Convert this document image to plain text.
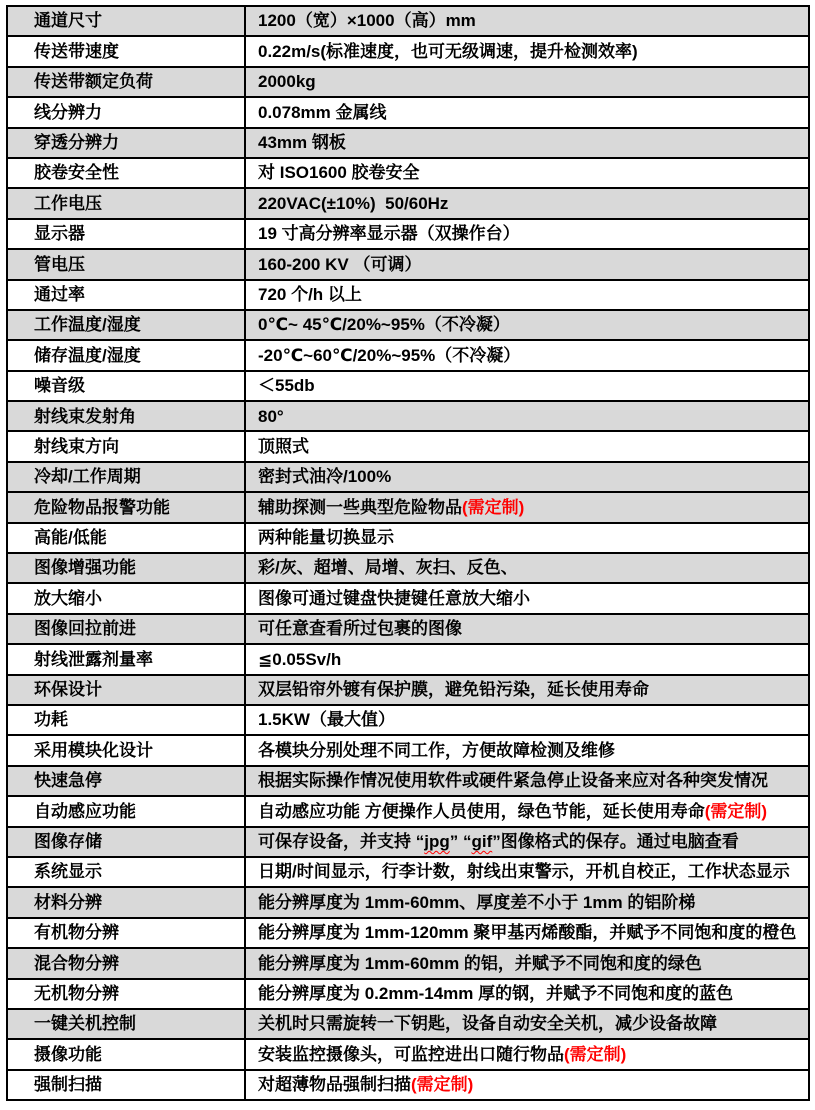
通道尺寸	1200（宽）×1000（高）mm
传送带速度	0.22m/s(标准速度，也可无级调速，提升检测效率)
传送带额定负荷	2000kg
线分辨力	0.078mm 金属线
穿透分辨力	43mm 钢板
胶卷安全性	对 ISO1600 胶卷安全
工作电压	220VAC(±10%)  50/60Hz
显示器	19 寸高分辨率显示器（双操作台）
管电压	160-200 KV （可调）
通过率	720 个/h 以上
工作温度/湿度	0℃~ 45℃/20%~95%（不冷凝）
储存温度/湿度	-20℃~60℃/20%~95%（不冷凝）
噪音级	＜55db
射线束发射角	80°
射线束方向	顶照式
冷却/工作周期	密封式油冷/100%
危险物品报警功能	辅助探测一些典型危险物品(需定制)
高能/低能	两种能量切换显示
图像增强功能	彩/灰、超增、局增、灰扫、反色、
放大缩小	图像可通过键盘快捷键任意放大缩小
图像回拉前进	可任意查看所过包裹的图像
射线泄露剂量率	≦0.05Sv/h
环保设计	双层铅帘外镀有保护膜，避免铅污染，延长使用寿命
功耗	1.5KW（最大值）
采用模块化设计	各模块分别处理不同工作，方便故障检测及维修
快速急停	根据实际操作情况使用软件或硬件紧急停止设备来应对各种突发情况
自动感应功能	自动感应功能 方便操作人员使用，绿色节能，延长使用寿命(需定制)
图像存储	可保存设备，并支持 “jpg” “gif”图像格式的保存。通过电脑查看
系统显示	日期/时间显示，行李计数，射线出束警示，开机自校正，工作状态显示
材料分辨	能分辨厚度为 1mm-60mm、厚度差不小于 1mm 的铝阶梯
有机物分辨	能分辨厚度为 1mm-120mm 聚甲基丙烯酸酯，并赋予不同饱和度的橙色
混合物分辨	能分辨厚度为 1mm-60mm 的铝，并赋予不同饱和度的绿色
无机物分辨	能分辨厚度为 0.2mm-14mm 厚的钢，并赋予不同饱和度的蓝色
一键关机控制	关机时只需旋转一下钥匙，设备自动安全关机，减少设备故障
摄像功能	安装监控摄像头，可监控进出口随行物品(需定制)
强制扫描	对超薄物品强制扫描(需定制)
